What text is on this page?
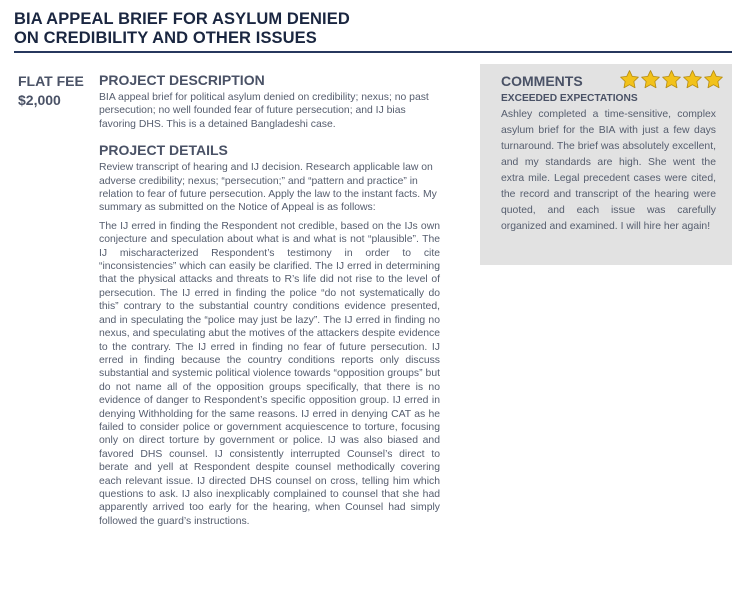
BIA APPEAL BRIEF FOR ASYLUM DENIED
ON CREDIBILITY AND OTHER ISSUES
FLAT FEE
$2,000
PROJECT DESCRIPTION

BIA appeal brief for political asylum denied on credibility; nexus; no past persecution; no well founded fear of future persecution; and IJ bias favoring DHS. This is a detained Bangladeshi case.

PROJECT DETAILS

Review transcript of hearing and IJ decision. Research applicable law on adverse credibility; nexus; “persecution;” and “pattern and practice” in relation to fear of future persecution. Apply the law to the instant facts. My summary as submitted on the Notice of Appeal is as follows:

The IJ erred in finding the Respondent not credible, based on the IJs own conjecture and speculation about what is and what is not “plausible”. The IJ mischaracterized Respondent’s testimony in order to cite “inconsistencies” which can easily be clarified. The IJ erred in determining that the physical attacks and threats to R’s life did not rise to the level of persecution. The IJ erred in finding the police “do not systematically do this” contrary to the substantial country conditions evidence presented, and in speculating the “police may just be lazy”. The IJ erred in finding no nexus, and speculating abut the motives of the attackers despite evidence to the contrary. The IJ erred in finding no fear of future persecution. IJ erred in finding because the country conditions reports only discuss substantial and systemic political violence towards “opposition groups” but do not name all of the opposition groups specifically, that there is no evidence of danger to Respondent’s specific opposition group. IJ erred in denying Withholding for the same reasons. IJ erred in denying CAT as he failed to consider police or government acquiescence to torture, focusing only on direct torture by government or police. IJ was also biased and favored DHS counsel. IJ consistently interrupted Counsel’s direct to berate and yell at Respondent despite counsel methodically covering each relevant issue. IJ directed DHS counsel on cross, telling him which questions to ask. IJ also inexplicably complained to counsel that she had apparently arrived too early for the hearing, when Counsel had simply followed the guard’s instructions.

COMMENTS
EXCEEDED EXPECTATIONS
Ashley completed a time-sensitive, complex asylum brief for the BIA with just a few days turnaround. The brief was absolutely excellent, and my standards are high. She went the extra mile. Legal precedent cases were cited, the record and transcript of the hearing were quoted, and each issue was carefully organized and examined. I will hire her again!
